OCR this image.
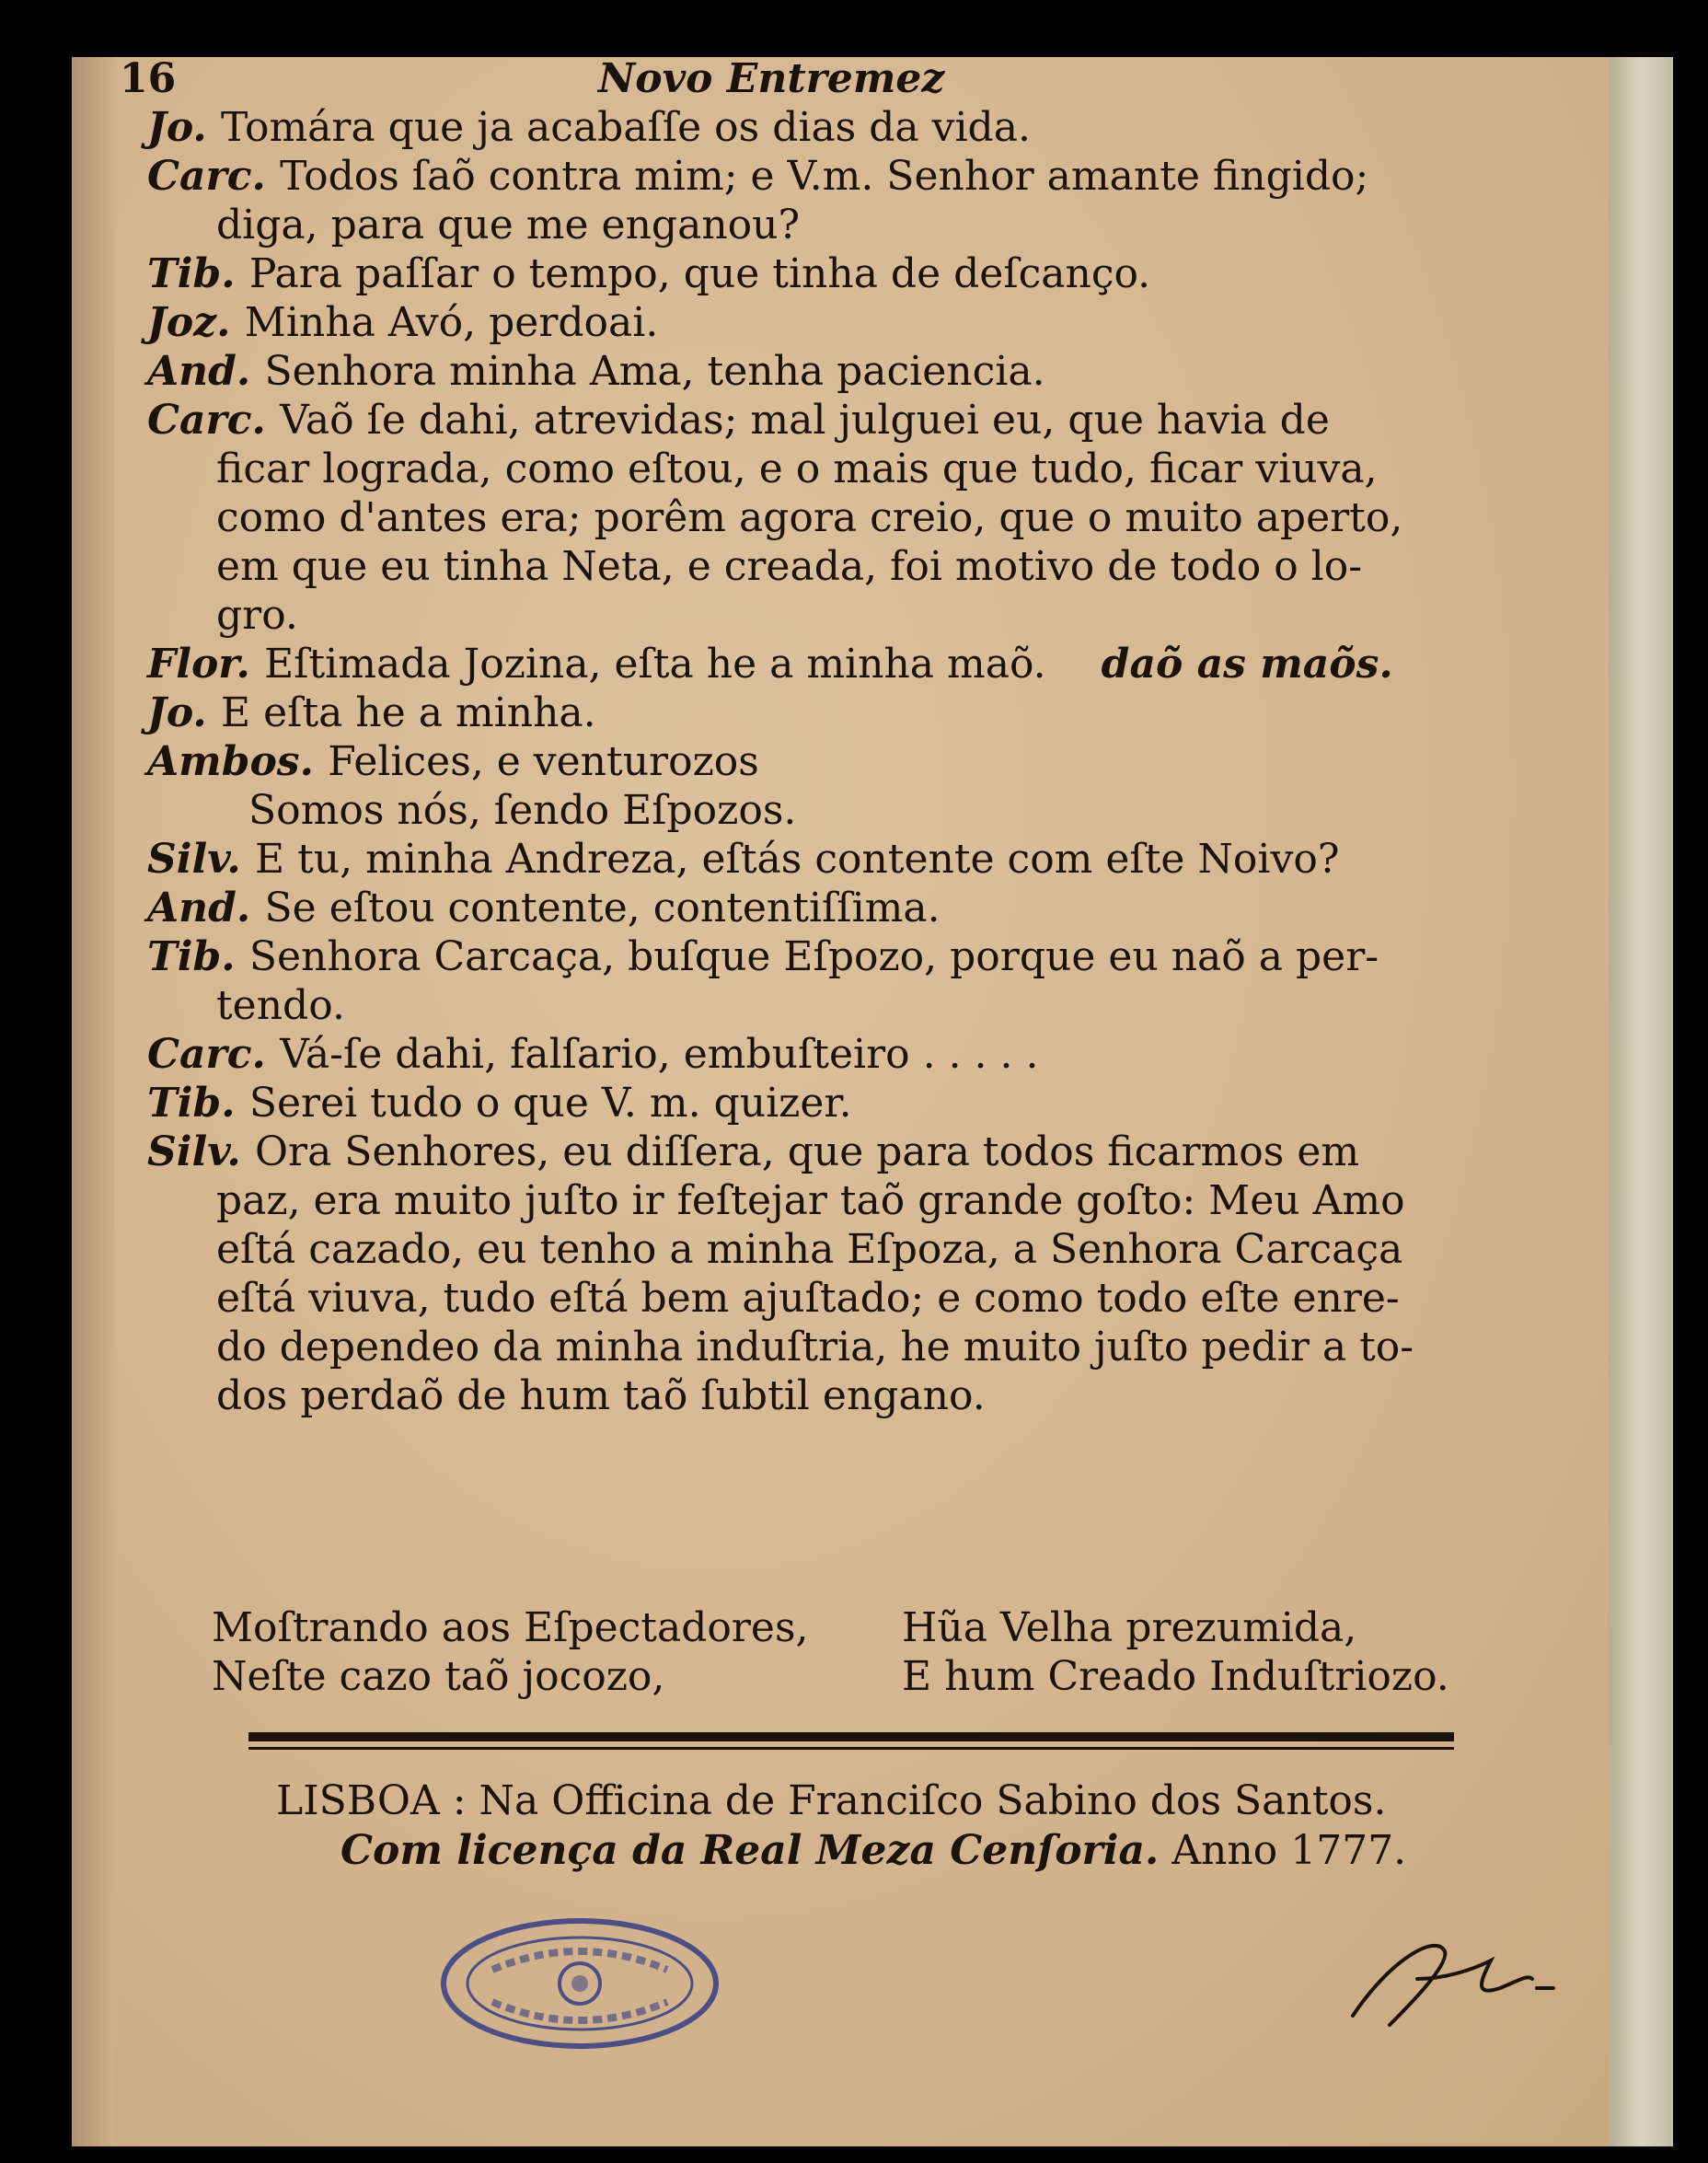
16	Novo Entremez

Jo. Tomára que ja acabaſſe os dias da vida.

Carc. Todos ſaõ contra mim; e V.m. Senhor amante fingido;

diga, para que me enganou?

Tib. Para paſſar o tempo, que tinha de deſcanço.

Joz. Minha Avó, perdoai.

And. Senhora minha Ama, tenha paciencia.

Carc. Vaõ ſe dahi, atrevidas; mal julguei eu, que havia de

ficar lograda, como eſtou, e o mais que tudo, ficar viuva,

como d'antes era; porêm agora creio, que o muito aperto,

em que eu tinha Neta, e creada, foi motivo de todo o lo-

gro.

Flor. Eſtimada Jozina, eſta he a minha maõ. daõ as maõs.

Jo. E eſta he a minha.

Ambos. Felices, e venturozos

Somos nós, ſendo Eſpozos.

Silv. E tu, minha Andreza, eſtás contente com eſte Noivo?

And. Se eſtou contente, contentiſſima.

Tib. Senhora Carcaça, buſque Eſpozo, porque eu naõ a per-

tendo.

Carc. Vá-ſe dahi, falſario, embuſteiro . . . . .

Tib. Serei tudo o que V. m. quizer.

Silv. Ora Senhores, eu diſſera, que para todos ficarmos em

paz, era muito juſto ir feſtejar taõ grande goſto: Meu Amo

eſtá cazado, eu tenho a minha Eſpoza, a Senhora Carcaça

eſtá viuva, tudo eſtá bem ajuſtado; e como todo eſte enre-

do dependeo da minha induſtria, he muito juſto pedir a to-

dos perdaõ de hum taõ ſubtil engano.

Moſtrando aos Eſpectadores,

Neſte cazo taõ jocozo,

Hũa Velha prezumida,

E hum Creado Induſtriozo.

LISBOA : Na Officina de Franciſco Sabino dos Santos.

Com licença da Real Meza Cenſoria. Anno 1777.
